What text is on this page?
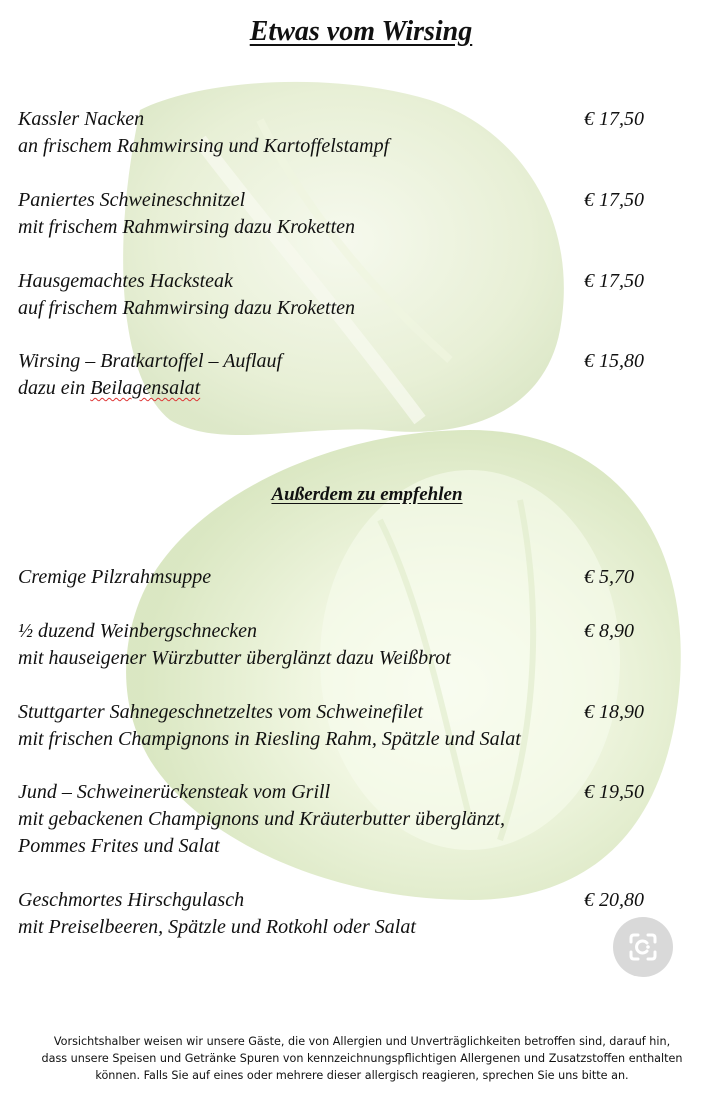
Etwas vom Wirsing
Kassler Nacken
an frischem Rahmwirsing und Kartoffelstampf
€ 17,50
Paniertes Schweineschnitzel
mit frischem Rahmwirsing dazu Kroketten
€ 17,50
Hausgemachtes Hacksteak
auf frischem Rahmwirsing dazu Kroketten
€ 17,50
Wirsing – Bratkartoffel – Auflauf
dazu ein Beilagensalat
€ 15,80
Außerdem zu empfehlen
Cremige Pilzrahmsuppe	€ 5,70
½ duzend Weinbergschnecken
mit hauseigener Würzbutter überglänzt dazu Weißbrot
€ 8,90
Stuttgarter Sahnegeschnetzeltes vom Schweinefilet
mit frischen Champignons in Riesling Rahm, Spätzle und Salat
€ 18,90
Jund – Schweinerückensteak vom Grill
mit gebackenen Champignons und Kräuterbutter überglänzt,
Pommes Frites und Salat
€ 19,50
Geschmortes Hirschgulasch
mit Preiselbeeren, Spätzle und Rotkohl oder Salat
€ 20,80
Vorsichtshalber weisen wir unsere Gäste, die von Allergien und Unverträglichkeiten betroffen sind, darauf hin,
dass unsere Speisen und Getränke Spuren von kennzeichnungspflichtigen Allergenen und Zusatzstoffen enthalten
können. Falls Sie auf eines oder mehrere dieser allergisch reagieren, sprechen Sie uns bitte an.
